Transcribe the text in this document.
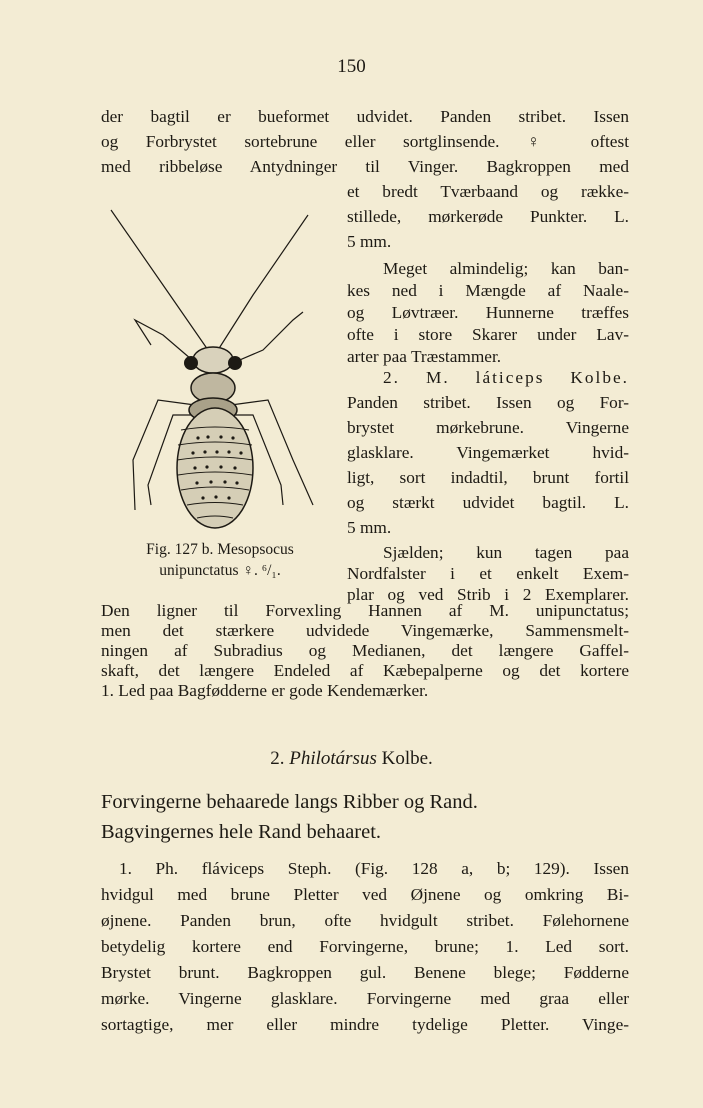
150
der bagtil er bueformet udvidet. Panden stribet. Issen
og Forbrystet sortebrune eller sortglinsende. ♀ oftest
med ribbeløse Antydninger til Vinger. Bagkroppen med
et bredt Tværbaand og række-
stillede, mørkerøde Punkter. L.
5 mm.
Meget almindelig; kan ban-
kes ned i Mængde af Naale-
og Løvtræer. Hunnerne træffes
ofte i store Skarer under Lav-
arter paa Træstammer.
2. M. láticeps Kolbe.
Panden stribet. Issen og For-
brystet mørkebrune. Vingerne
glasklare. Vingemærket hvid-
ligt, sort indadtil, brunt fortil
og stærkt udvidet bagtil. L.
5 mm.
Sjælden; kun tagen paa
Nordfalster i et enkelt Exem-
plar og ved Strib i 2 Exemplarer.
Fig. 127 b. Mesopsocus
unipunctatus ♀. ⁶/₁.
Den ligner til Forvexling Hannen af M. unipunctatus;
men det stærkere udvidede Vingemærke, Sammensmelt-
ningen af Subradius og Medianen, det længere Gaffel-
skaft, det længere Endeled af Kæbepalperne og det kortere
1. Led paa Bagfødderne er gode Kendemærker.
2. Philotársus Kolbe.
Forvingerne behaarede langs Ribber og Rand.
Bagvingernes hele Rand behaaret.
1. Ph. fláviceps Steph. (Fig. 128 a, b; 129). Issen
hvidgul med brune Pletter ved Øjnene og omkring Bi-
øjnene. Panden brun, ofte hvidgult stribet. Følehornene
betydelig kortere end Forvingerne, brune; 1. Led sort.
Brystet brunt. Bagkroppen gul. Benene blege; Fødderne
mørke. Vingerne glasklare. Forvingerne med graa eller
sortagtige, mer eller mindre tydelige Pletter. Vinge-
